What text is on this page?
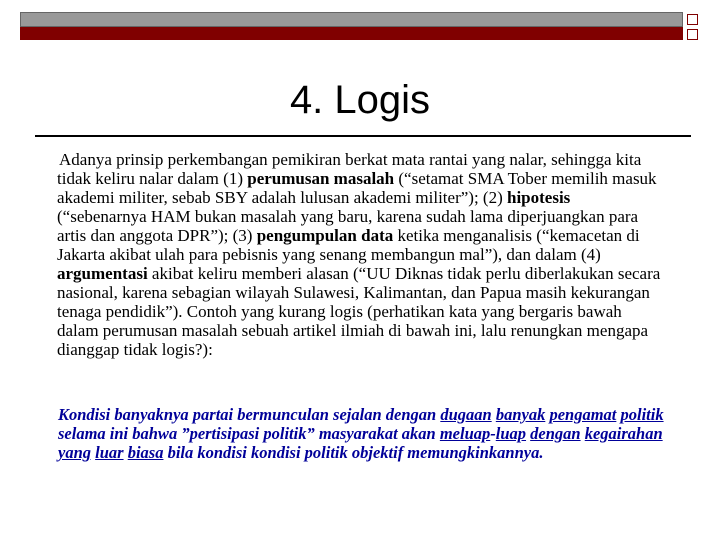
4. Logis
Adanya prinsip perkembangan pemikiran berkat mata rantai yang nalar, sehingga kita tidak keliru nalar dalam (1) perumusan masalah (“setamat SMA Tober memilih masuk akademi militer, sebab SBY adalah lulusan akademi militer”); (2) hipotesis (“sebenarnya HAM bukan masalah yang baru, karena sudah lama diperjuangkan para artis dan anggota DPR”); (3) pengumpulan data ketika menganalisis (“kemacetan di Jakarta akibat ulah para pebisnis yang senang membangun mal”), dan dalam (4) argumentasi akibat keliru memberi alasan (“UU Diknas tidak perlu diberlakukan secara nasional, karena sebagian wilayah Sulawesi, Kalimantan, dan Papua masih kekurangan tenaga pendidik”). Contoh yang kurang logis (perhatikan kata yang bergaris bawah dalam perumusan masalah sebuah artikel ilmiah di bawah ini, lalu renungkan mengapa dianggap tidak logis?):
Kondisi banyaknya partai bermunculan sejalan dengan dugaan banyak pengamat politik selama ini bahwa ”pertisipasi politik” masyarakat akan meluap-luap dengan kegairahan yang luar biasa bila kondisi kondisi politik objektif memungkinkannya.
